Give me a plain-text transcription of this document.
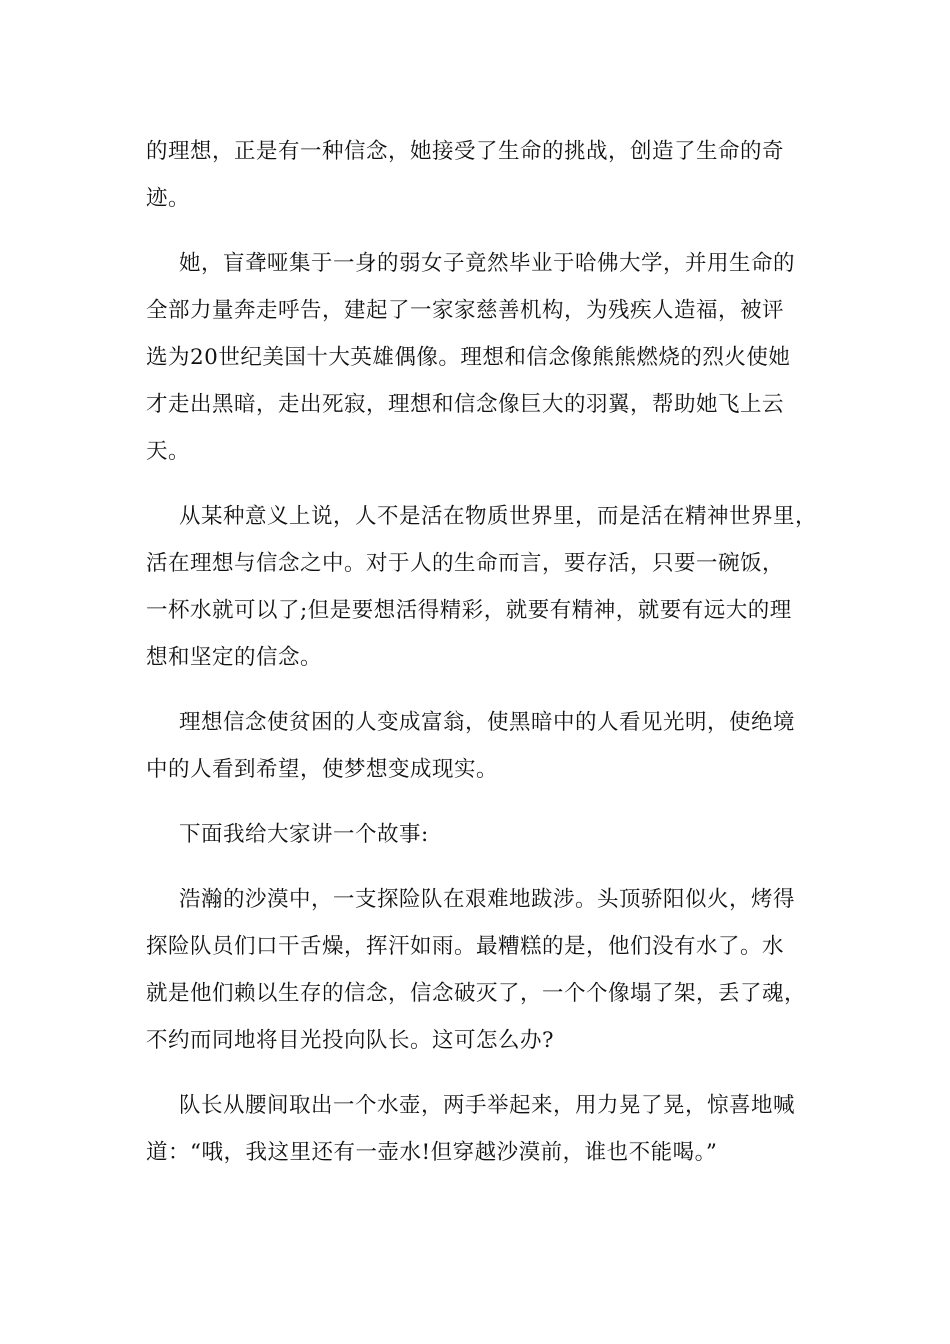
的理想，正是有一种信念，她接受了生命的挑战，创造了生命的奇
迹。
她，盲聋哑集于一身的弱女子竟然毕业于哈佛大学，并用生命的
全部力量奔走呼告，建起了一家家慈善机构，为残疾人造福，被评
选为20世纪美国十大英雄偶像。理想和信念像熊熊燃烧的烈火使她
才走出黑暗，走出死寂，理想和信念像巨大的羽翼，帮助她飞上云
天。
从某种意义上说，人不是活在物质世界里，而是活在精神世界里，
活在理想与信念之中。对于人的生命而言，要存活，只要一碗饭，
一杯水就可以了;但是要想活得精彩，就要有精神，就要有远大的理
想和坚定的信念。
理想信念使贫困的人变成富翁，使黑暗中的人看见光明，使绝境
中的人看到希望，使梦想变成现实。
下面我给大家讲一个故事:
浩瀚的沙漠中，一支探险队在艰难地跋涉。头顶骄阳似火，烤得
探险队员们口干舌燥，挥汗如雨。最糟糕的是，他们没有水了。水
就是他们赖以生存的信念，信念破灭了，一个个像塌了架，丢了魂，
不约而同地将目光投向队长。这可怎么办?
队长从腰间取出一个水壶，两手举起来，用力晃了晃，惊喜地喊
道：“哦，我这里还有一壶水!但穿越沙漠前，谁也不能喝。”
